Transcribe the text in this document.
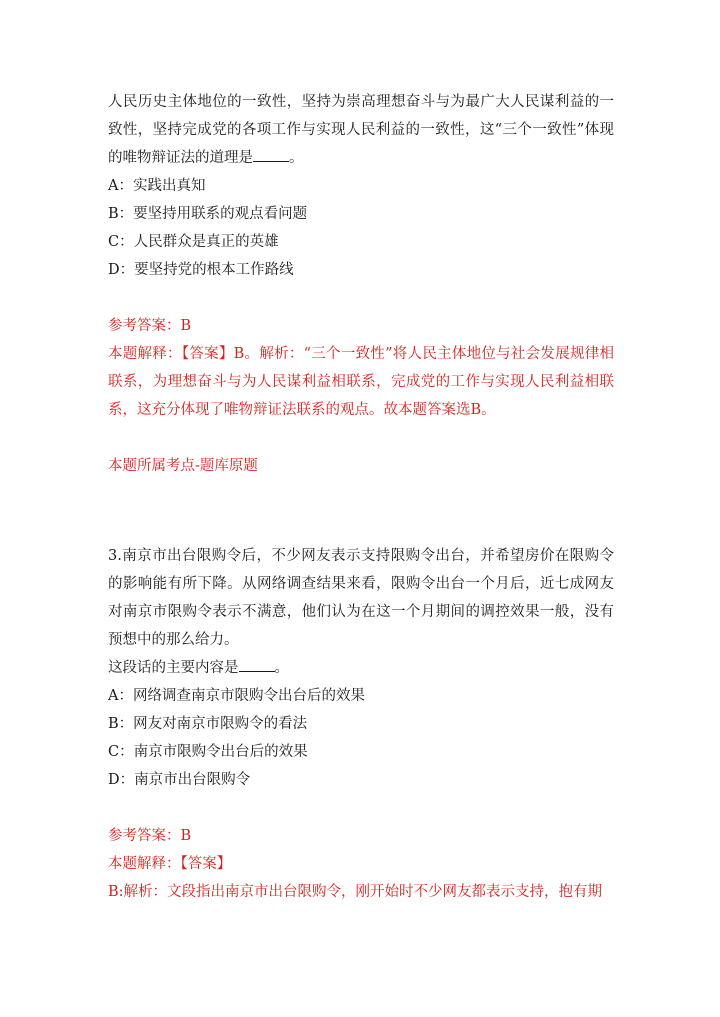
人民历史主体地位的一致性，坚持为崇高理想奋斗与为最广大人民谋利益的一致性，坚持完成党的各项工作与实现人民利益的一致性，这“三个一致性”体现的唯物辩证法的道理是 。

A：实践出真知

B：要坚持用联系的观点看问题

C：人民群众是真正的英雄

D：要坚持党的根本工作路线

参考答案：B

本题解释：【答案】B。解析：“三个一致性”将人民主体地位与社会发展规律相联系，为理想奋斗与为人民谋利益相联系，完成党的工作与实现人民利益相联系，这充分体现了唯物辩证法联系的观点。故本题答案选B。

本题所属考点-题库原题

3.南京市出台限购令后，不少网友表示支持限购令出台，并希望房价在限购令的影响能有所下降。从网络调查结果来看，限购令出台一个月后，近七成网友对南京市限购令表示不满意，他们认为在这一个月期间的调控效果一般，没有预想中的那么给力。

这段话的主要内容是 。

A：网络调查南京市限购令出台后的效果

B：网友对南京市限购令的看法

C：南京市限购令出台后的效果

D：南京市出台限购令

参考答案：B

本题解释：【答案】

B:解析：文段指出南京市出台限购令，刚开始时不少网友都表示支持，抱有期
